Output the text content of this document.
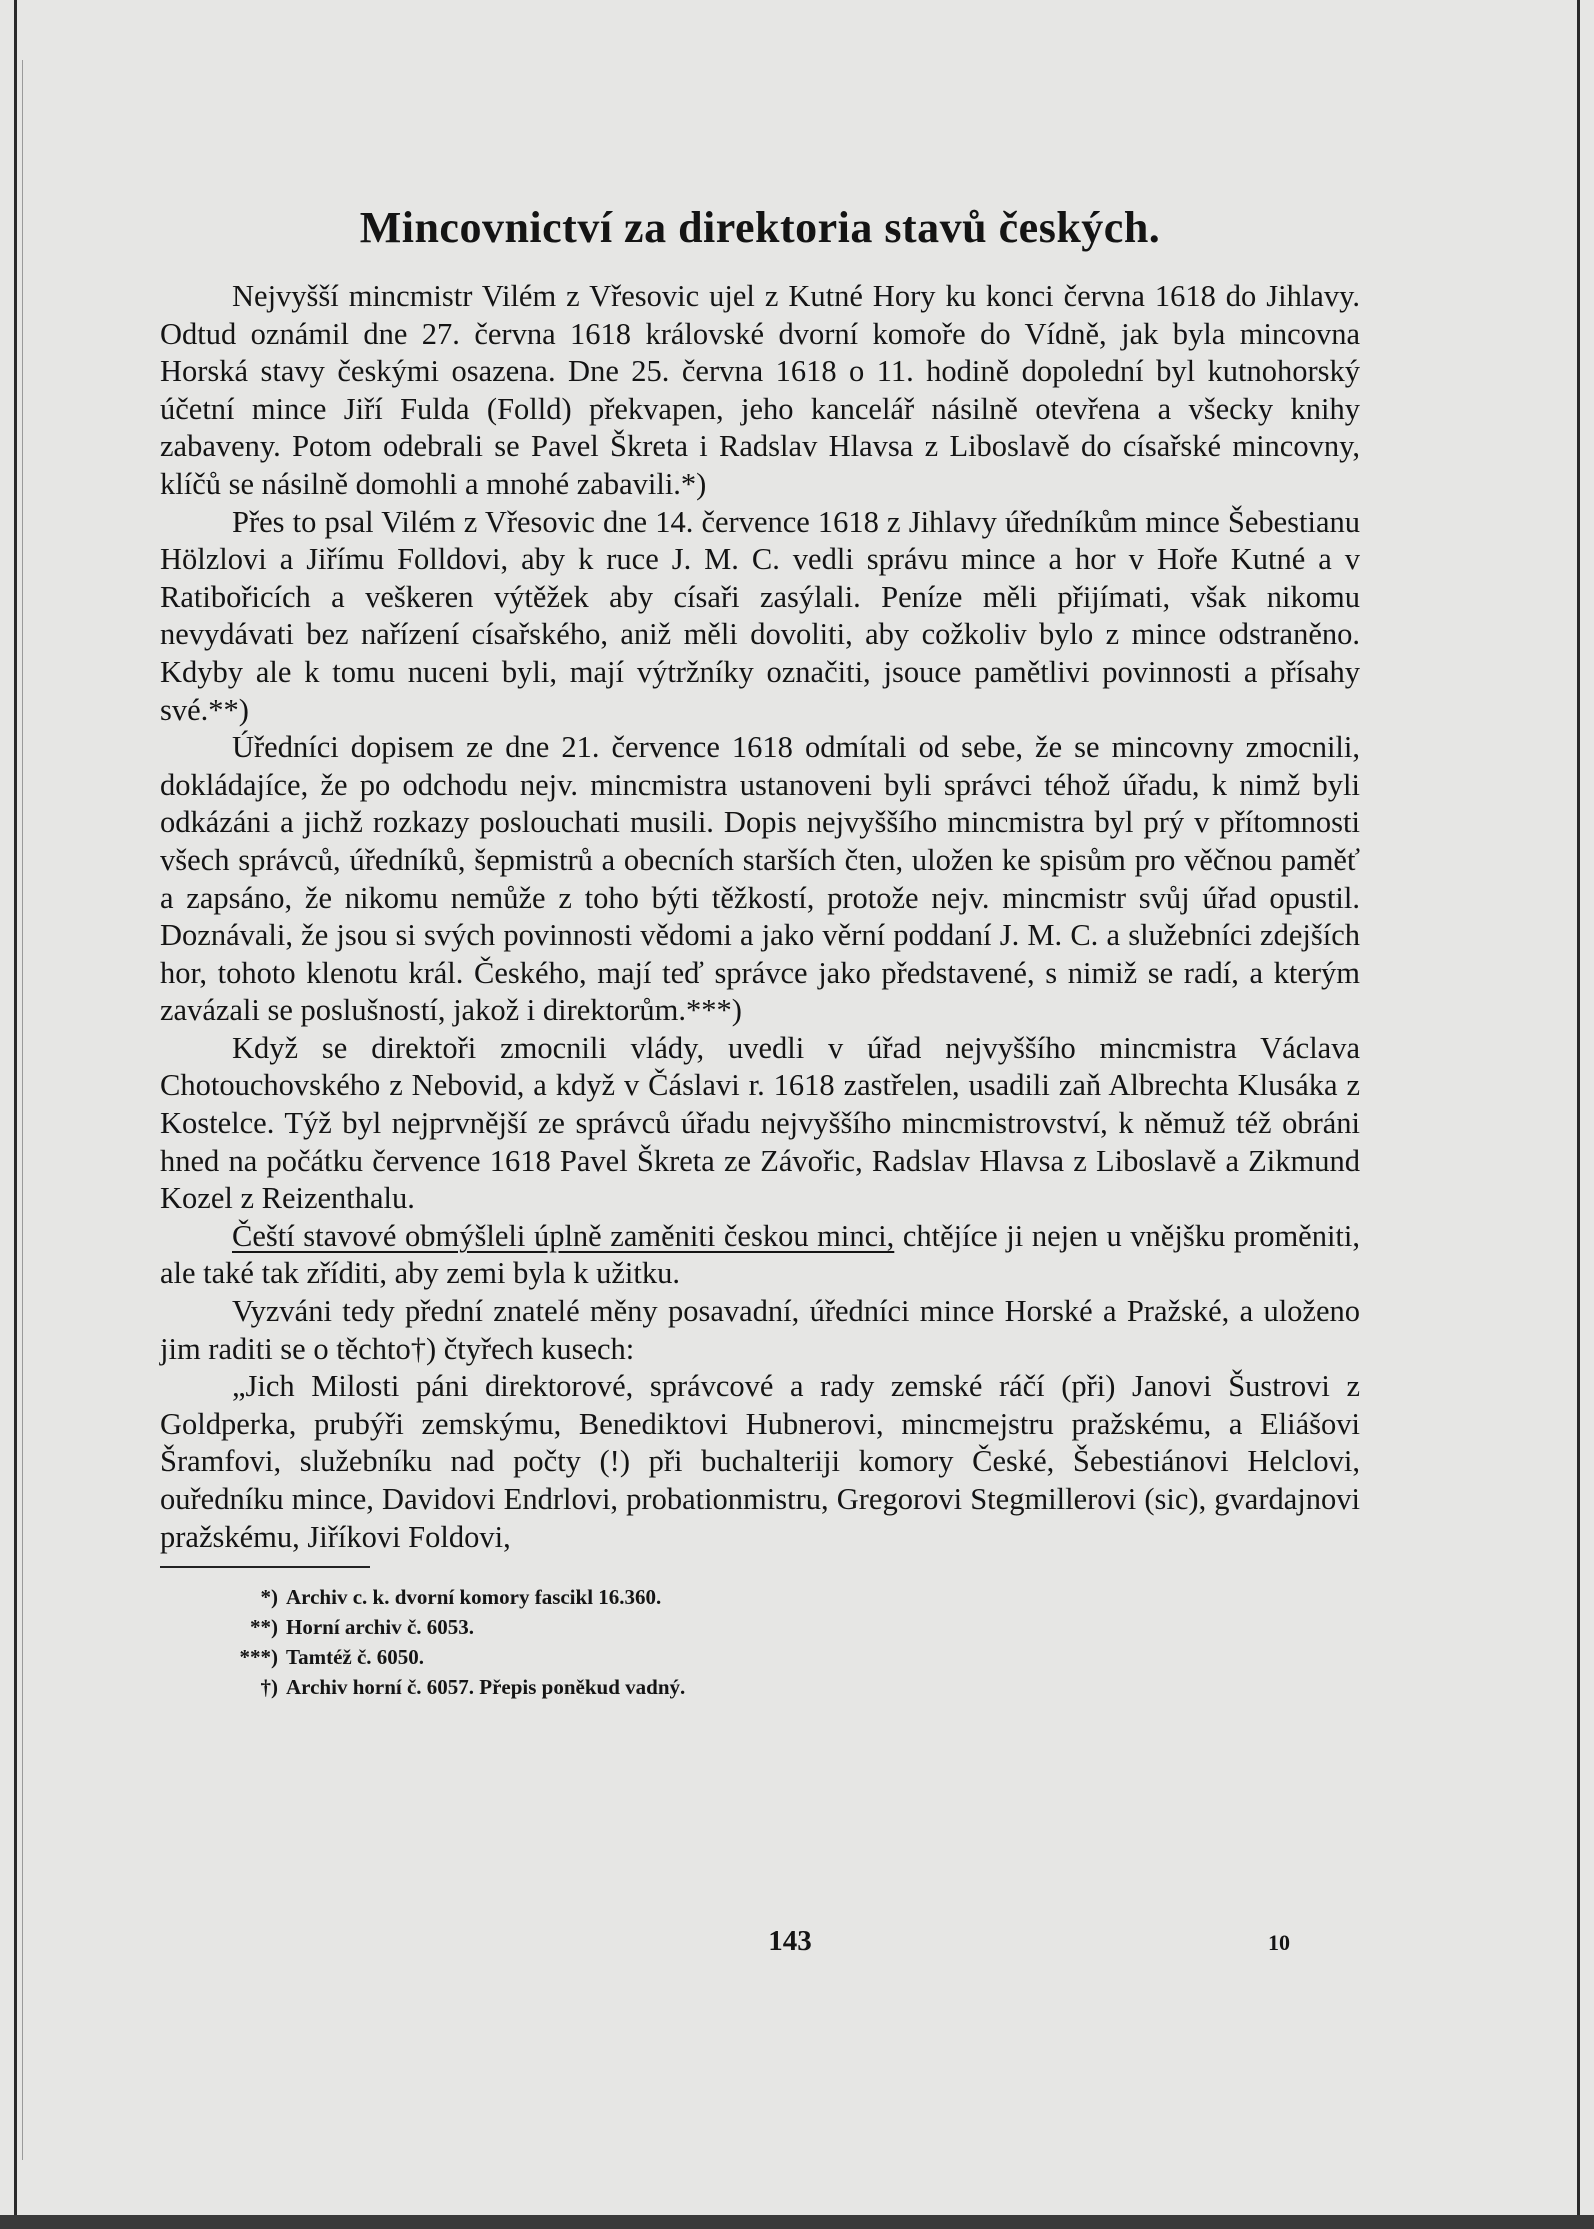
Mincovnictví za direktoria stavů českých.

Nejvyšší mincmistr Vilém z Vřesovic ujel z Kutné Hory ku konci června 1618 do Jihlavy. Odtud oznámil dne 27. června 1618 královské dvorní komoře do Vídně, jak byla mincovna Horská stavy českými osazena. Dne 25. června 1618 o 11. hodině dopolední byl kutnohorský účetní mince Jiří Fulda (Folld) překvapen, jeho kancelář násilně otevřena a všecky knihy zabaveny. Potom odebrali se Pavel Škreta i Radslav Hlavsa z Liboslavě do císařské mincovny, klíčů se násilně domohli a mnohé zabavili.*)

Přes to psal Vilém z Vřesovic dne 14. července 1618 z Jihlavy úředníkům mince Šebestianu Hölzlovi a Jiřímu Folldovi, aby k ruce J. M. C. vedli správu mince a hor v Hoře Kutné a v Ratibořicích a veškeren výtěžek aby císaři zasýlali. Peníze měli přijímati, však nikomu nevydávati bez nařízení císařského, aniž měli dovoliti, aby cožkoliv bylo z mince odstraněno. Kdyby ale k tomu nuceni byli, mají výtržníky označiti, jsouce pamětlivi povinnosti a přísahy své.**)

Úředníci dopisem ze dne 21. července 1618 odmítali od sebe, že se mincovny zmocnili, dokládajíce, že po odchodu nejv. mincmistra ustanoveni byli správci téhož úřadu, k nimž byli odkázáni a jichž rozkazy poslouchati musili. Dopis nejvyššího mincmistra byl prý v přítomnosti všech správců, úředníků, šepmistrů a obecních starších čten, uložen ke spisům pro věčnou paměť a zapsáno, že nikomu nemůže z toho býti těžkostí, protože nejv. mincmistr svůj úřad opustil. Doznávali, že jsou si svých povinnosti vědomi a jako věrní poddaní J. M. C. a služebníci zdejších hor, tohoto klenotu král. Českého, mají teď správce jako představené, s nimiž se radí, a kterým zavázali se poslušností, jakož i direktorům.***)

Když se direktoři zmocnili vlády, uvedli v úřad nejvyššího mincmistra Václava Chotouchovského z Nebovid, a když v Čáslavi r. 1618 zastřelen, usadili zaň Albrechta Klusáka z Kostelce. Týž byl nejprvnější ze správců úřadu nejvyššího mincmistrovství, k němuž též obráni hned na počátku července 1618 Pavel Škreta ze Závořic, Radslav Hlavsa z Liboslavě a Zikmund Kozel z Reizenthalu.

Čeští stavové obmýšleli úplně zaměniti českou minci, chtějíce ji nejen u vnějšku proměniti, ale také tak zříditi, aby zemi byla k užitku.

Vyzváni tedy přední znatelé měny posavadní, úředníci mince Horské a Pražské, a uloženo jim raditi se o těchto†) čtyřech kusech:

„Jich Milosti páni direktorové, správcové a rady zemské ráčí (při) Janovi Šustrovi z Goldperka, prubýři zemskýmu, Benediktovi Hubnerovi, mincmejstru pražskému, a Eliášovi Šramfovi, služebníku nad počty (!) při buchalteriji komory České, Šebestiánovi Helclovi, ouředníku mince, Davidovi Endrlovi, probationmistru, Gregorovi Stegmillerovi (sic), gvardajnovi pražskému, Jiříkovi Foldovi,

*) Archiv c. k. dvorní komory fascikl 16.360.
**) Horní archiv č. 6053.
***) Tamtéž č. 6050.
†) Archiv horní č. 6057. Přepis poněkud vadný.
143	10
